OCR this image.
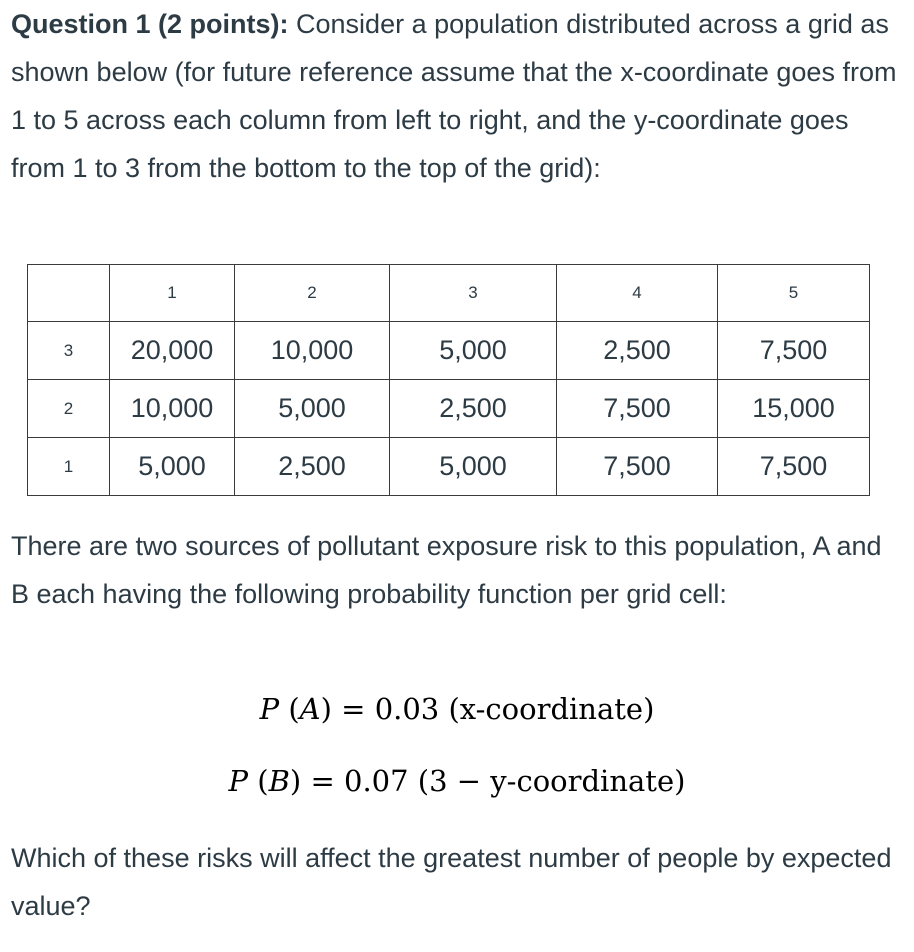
Question 1 (2 points): Consider a population distributed across a grid as shown below (for future reference assume that the x-coordinate goes from 1 to 5 across each column from left to right, and the y-coordinate goes from 1 to 3 from the bottom to the top of the grid):

	1	2	3	4	5
3	20,000	10,000	5,000	2,500	7,500
2	10,000	5,000	2,500	7,500	15,000
1	5,000	2,500	5,000	7,500	7,500

There are two sources of pollutant exposure risk to this population, A and B each having the following probability function per grid cell:

P (A) = 0.03 (x-coordinate)
P (B) = 0.07 (3 − y-coordinate)

Which of these risks will affect the greatest number of people by expected value?
